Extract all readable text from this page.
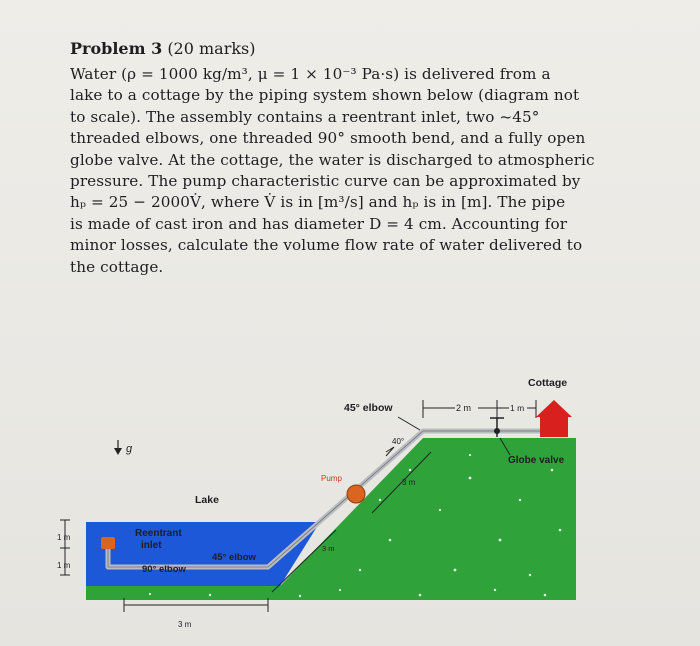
Problem 3 (20 marks)

Water (ρ = 1000 kg/m³, μ = 1 × 10⁻³ Pa·s) is delivered from a
lake to a cottage by the piping system shown below (diagram not
to scale). The assembly contains a reentrant inlet, two ~45°
threaded elbows, one threaded 90° smooth bend, and a fully open
globe valve. At the cottage, the water is discharged to atmospheric
pressure. The pump characteristic curve can be approximated by
hₚ = 25 − 2000V̇, where V̇ is in [m³/s] and hₚ is in [m]. The pipe
is made of cast iron and has diameter D = 4 cm. Accounting for
minor losses, calculate the volume flow rate of water delivered to
the cottage.

Cottage
2 m	1 m
45° elbow
40°
Globe valve
g
Pump	3 m
3 m
Lake
Reentrant
inlet
45° elbow
90° elbow
1 m
1 m
3 m
